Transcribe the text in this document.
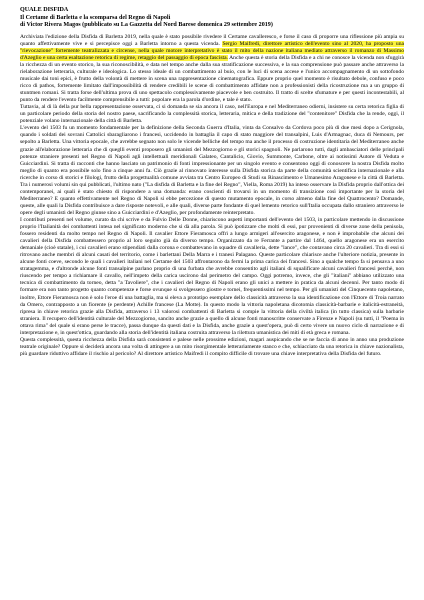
QUALE DISFIDA
Il Certame di Barletta e la scomparsa del Regno di Napoli
di Victor Rivera Magos (pubblicato su La Gazzetta del Nord Barese domenica 29 settembre 2019)

Archiviata l'edizione della Disfida di Barletta 2019, nella quale è stato possibile rivedere il Certame cavalleresco, e forse il caso di proporre una riflessione più ampia su quanto affettivamente vive e si percepisce oggi a Barletta intorno a questa vicenda. Sergio Maifredi, direttore artistico dell'evento sino al 2020, ha proposto una "rievocazione" fortemente teatralizzata e circense, nella quale motore interpretativo è stato il mito della nazione italiana mediato attraverso il romanzo di Massimo d'Azeglio e una certa esaltazione retorica di regime, retaggio del passaggio di epoca fascista. Anche questa è storia della Disfida e a chi ne conosce la vicenda non sfuggirà la ricchezza di un evento storico, la sua riconoscibilità, e data nel tempo anche dalla sua stratificazione successiva, e la sua comprensione può passare anche attraverso la rielaborazione letteraria, culturale e ideologica. Lo stesso ideale di un combattimento al buio, con le luci di scena accese e l'unico accompagnamento di un sottofondo musicale dai toni epici, è frutto della volontà di mettere in scena una rappresentazione cinematografica. Eppure proprio quel momento è risultato debole, confuso e poco ricco di pathos, fortemente limitato dall'impossibilità di rendere credibili le scene di combattimento affidate non a professionisti della ricostruzione ma a un gruppo di stuntmen romani. Si tratta forse dell'ultima prova di uno spettacolo complessivamente piacevole e ben costruito. Il tratto di scelte sfumature e per questi incontestabili, al punto da rendere l'evento facilmente comprensibile a tutti: popolare era la parola d'ordine, e tale è stato.

Tuttavia, al di là della pur bella rappresentazione osservata, ci si domanda se sia ancora il caso, nell'Europa e nel Mediterraneo odierni, insistere su certa retorica figlia di un particolare periodo della storia del nostro paese, sacrificando la complessità storica, letteraria, mitica e della tradizione del "contenitore" Disfida che la rende, oggi, il potenziale volano internazionale della città di Barletta.

L'evento del 1503 fu un momento fondamentale per la definizione della Seconda Guerra d'Italia, vinta da Consalvo da Cordova poco più di due mesi dopo a Cerignola, quando i soldati dei sovrani Cattolici sbaragliarono i francesi, uccidendo in battaglia il capo di stato maggiore del transalpini, Luis d'Armagnac, duca di Nemours, per sepolto a Barletta. Una vittoria epocale, che avrebbe segnato non solo le vicende belliche del tempo ma anche il processo di costruzione identitaria del Mediterraneo anche grazie all'elaborazione letteraria che di queglli eventi proposero gli umanisti del Mezzogiorno e gli storici spagnoli. Ne parlarono tutti, dagli ambasciatori delle principali potenze straniere presenti nel Regno di Napoli agli intellettuali meridionali Galateo, Cantalicio, Giovio, Summonte, Carbone, oltre ai notissimi Autore di Veduta e Guicciardini. Si tratta di racconti che hanno lasciato un patrimonio di fonti impressionante per un singolo evento e consentono oggi di conoscere la nostra Disfida molto meglio di quanto era possibile solo fino a cinque anni fa. Ciò grazie al rinnovato interesse sulla Disfida storica da parte della comunità scientifica internazionale e alla ricerche in corso di storici e filologi, frutto della progettualità comune avviata tra Centro Europeo di Studi su Rinascimento e Umanesimo Aragonese e la città di Barletta. Tra i numerosi volumi sin qui pubblicati, l'ultimo nato ("La disfida di Barletta e la fine del Regno", Viella, Roma 2019) ha inteso osservare la Disfida proprio dall'ottica dei contemporanei, ai quali è stato chiesto di rispondere a una domanda: erano coscienti di trovarsi in un momento di transizione così importante per la storia del Mediterraneo? E quanto effettivamente nel Regno di Napoli si ebbe percezione di questo mutamento epocale, in corso almeno dalla fine del Quattrocento? Domande, queste, alle quali la Disfida contribuisce a dare risposte notevoli, e alle quali, diverse parte fondante di quel lemento retorico sull'Italia occupata dallo straniero attraverso le opere degli umanisti del Regno giunse sino a Guicciardini e d'Azeglio, per profondamente reinterpretato.

I contributi presenti nel volume, curato da chi scrive e da Fulvio Delle Donne, chiariscono aspetti importanti dell'evento del 1503, in particolare mettendo in discussione proprio l'Italianità dei combattenti intesa nel significato moderno che si dà alla parola. Si può ipotizzare che molti di essi, pur provenienti di diverse zone della penisola, fossero residenti da molto tempo nel Regno di Napoli. Il cavalier Ettore Fieramosca offrì a lungo armigeri all'esercito aragonese, e non è improbabile che alcuni dei cavalieri della Disfida combattessero proprio al loro seguito già da diverso tempo. Organizzato da re Ferrante a partire dal 1464, quello aragonese era un esercito demaniale (cioè statale), i cui cavalieri erano stipendiati dalla corona e combattevano in squadre di cavalleria, dette "lance", che contavano circa 20 cavalieri. Tra di essi si ritrovano anche membri di alcuni casati del territorio, come i barlettani Della Marra e i tranesi Palagano. Queste particolare chiarisce anche l'ulteriore notizia, presente in alcune fonti coeve, secondo le quali i cavalieri italiani nel Certame del 1503 affrontarono da fermi la prima carica dei francesi. Sino a qualche tempo fa si pensava a uno stratagemma, e d'altronde alcune fonti transalpine parlano proprio di una furbata che avrebbe consentito agli italiani di squalificare alcuni cavalieri francesi perchè, non riuscendo per tempo a richiamare il cavallo, nell'impeto della carica uscirono dal perimetro del campo. Oggi potremo, invece, che gli "italiani" abbiano utilizzato una tecnica di combattimento da torneo, detta "a Tavoliere", che i cavalieri del Regno di Napoli erano gli unici a mettere in pratica da alcuni decenni. Per tanto modo di formare era non tanto progetto quanto competenze e forse ovunque si svolgessero giostre e tornei, frequentissimi nel tempo. Per gli umanisti del Cinquecento napoletano, inoltre, Ettore Fieramosca non è solo l'eroe di una battaglia, ma si eleva a prototipo esemplare dello classicità attraverso la sua identificazione con l'Ettore di Troia narrato da Omero, contrapposto a un fiorente (e perdente) Achille francese (La Motte). In questo modo la vittoria napoletana dicotomia classicità-barbarie e italicità-estraneità, ripresa in chiave retorica grazie alla Disfida, attraverso i 13 valorosi combattenti di Barletta si compie la vittoria della civiltà italica (in tutto classica) sulla barbarie straniera. Il recupero dell'identità culturale del Mezzogiorno, sancito anche grazie a quello di alcune fonti manoscritte conservate a Firenze e Napoli (su tutti, il "Poema in ottava rima" del quale si erano perse le tracce), passa dunque da questi dati e la Disfida, anche grazie a quest'opera, può di certo vivere un nuovo ciclo di narrazione e di interpretazione e, in quest'ottica, guardando alla storia dell'identità italiana costruita attraverso la rilettura umanistica dei miti di età greca e romana.

Questa complessità, questa ricchezza della Disfida sarà consistenti e palese nelle prossime edizioni, magari auspicando che se ne faccia di anno in anno una produzione teatrale originale? Oppure si deciderà ancora una volta di attingere a un mito risorgimentale letterariamente stanco e che, schiacciato da una retorica in chiave nazionalista, più guardare riduttivo affidare il rischio al pericolo? Al direttore artistico Maifredi il compito difficile di trovare una chiave interpretativa della Disfida del futuro.
